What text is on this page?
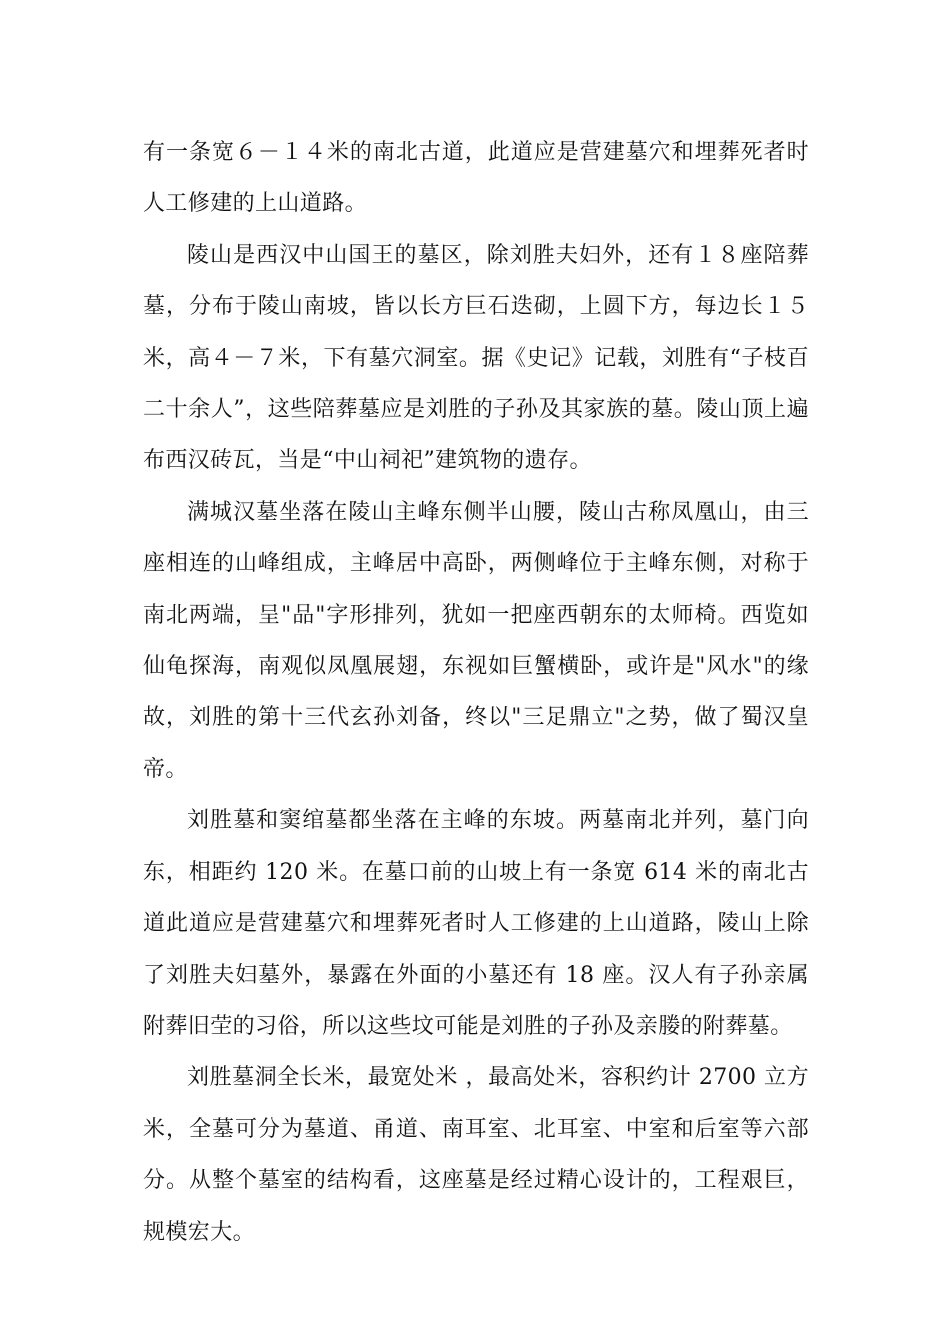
有一条宽６－１４米的南北古道，此道应是营建墓穴和埋葬死者时人工修建的上山道路。

陵山是西汉中山国王的墓区，除刘胜夫妇外，还有１８座陪葬墓，分布于陵山南坡，皆以长方巨石迭砌，上圆下方，每边长１５米，高４－７米，下有墓穴洞室。据《史记》记载，刘胜有“子枝百二十余人”，这些陪葬墓应是刘胜的子孙及其家族的墓。陵山顶上遍布西汉砖瓦，当是“中山祠祀”建筑物的遗存。

满城汉墓坐落在陵山主峰东侧半山腰，陵山古称凤凰山，由三座相连的山峰组成，主峰居中高卧，两侧峰位于主峰东侧，对称于南北两端，呈"品"字形排列，犹如一把座西朝东的太师椅。西览如仙龟探海，南观似凤凰展翅，东视如巨蟹横卧，或许是"风水"的缘故，刘胜的第十三代玄孙刘备，终以"三足鼎立"之势，做了蜀汉皇帝。

刘胜墓和窦绾墓都坐落在主峰的东坡。两墓南北并列，墓门向东，相距约 120 米。在墓口前的山坡上有一条宽 614 米的南北古道此道应是营建墓穴和埋葬死者时人工修建的上山道路，陵山上除了刘胜夫妇墓外，暴露在外面的小墓还有 18 座。汉人有子孙亲属附葬旧茔的习俗，所以这些坟可能是刘胜的子孙及亲媵的附葬墓。

刘胜墓洞全长米，最宽处米 ，最高处米，容积约计 2700 立方米，全墓可分为墓道、甬道、南耳室、北耳室、中室和后室等六部分。从整个墓室的结构看，这座墓是经过精心设计的，工程艰巨，规模宏大。
